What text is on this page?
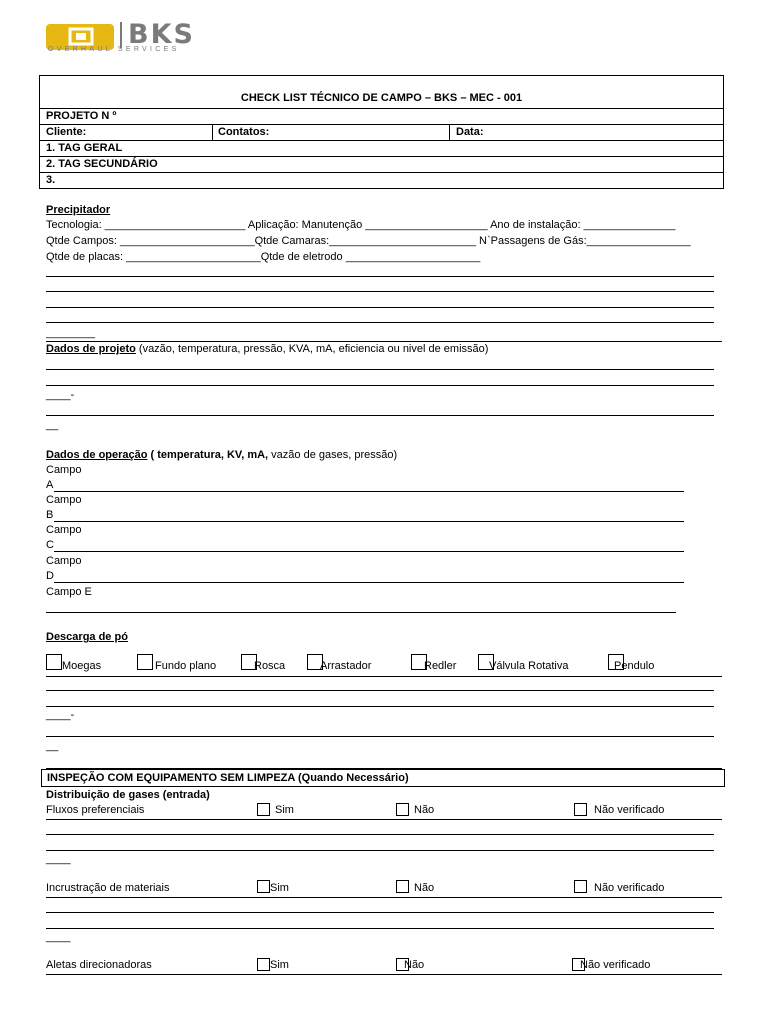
BKS
OVERHAUL SERVICES
CHECK LIST TÉCNICO DE CAMPO – BKS – MEC - 001
PROJETO N º
Cliente:	Contatos:	Data:
1. TAG GERAL
2. TAG SECUNDÁRIO
3.
Precipitador
Tecnologia: _______________________ Aplicação: Manutenção ____________________ Ano de instalação: _______________
Qtde Campos: ______________________Qtde Camaras:________________________ N`Passagens de Gás:_________________
Qtde de placas: ______________________Qtde de eletrodo ______________________
________
Dados de projeto (vazão, temperatura, pressão, KVA, mA, eficiencia ou nivel de emissão)
____-
__
Dados de operação ( temperatura, KV, mA, vazão de gases, pressão)
Campo
A
Campo
B
Campo
C
Campo
D
Campo E
Descarga de pó
Moegas	Fundo plano	Rosca	Arrastador	Redler	Válvula Rotativa	Pendulo
____-
__
INSPEÇÃO COM EQUIPAMENTO SEM LIMPEZA (Quando Necessário)
Distribuição de gases (entrada)
Fluxos preferenciais	Sim	Não	Não verificado
____
Incrustração de materiais	Sim	Não	Não verificado
____
Aletas direcionadoras	Sim	Não	Não verificado
